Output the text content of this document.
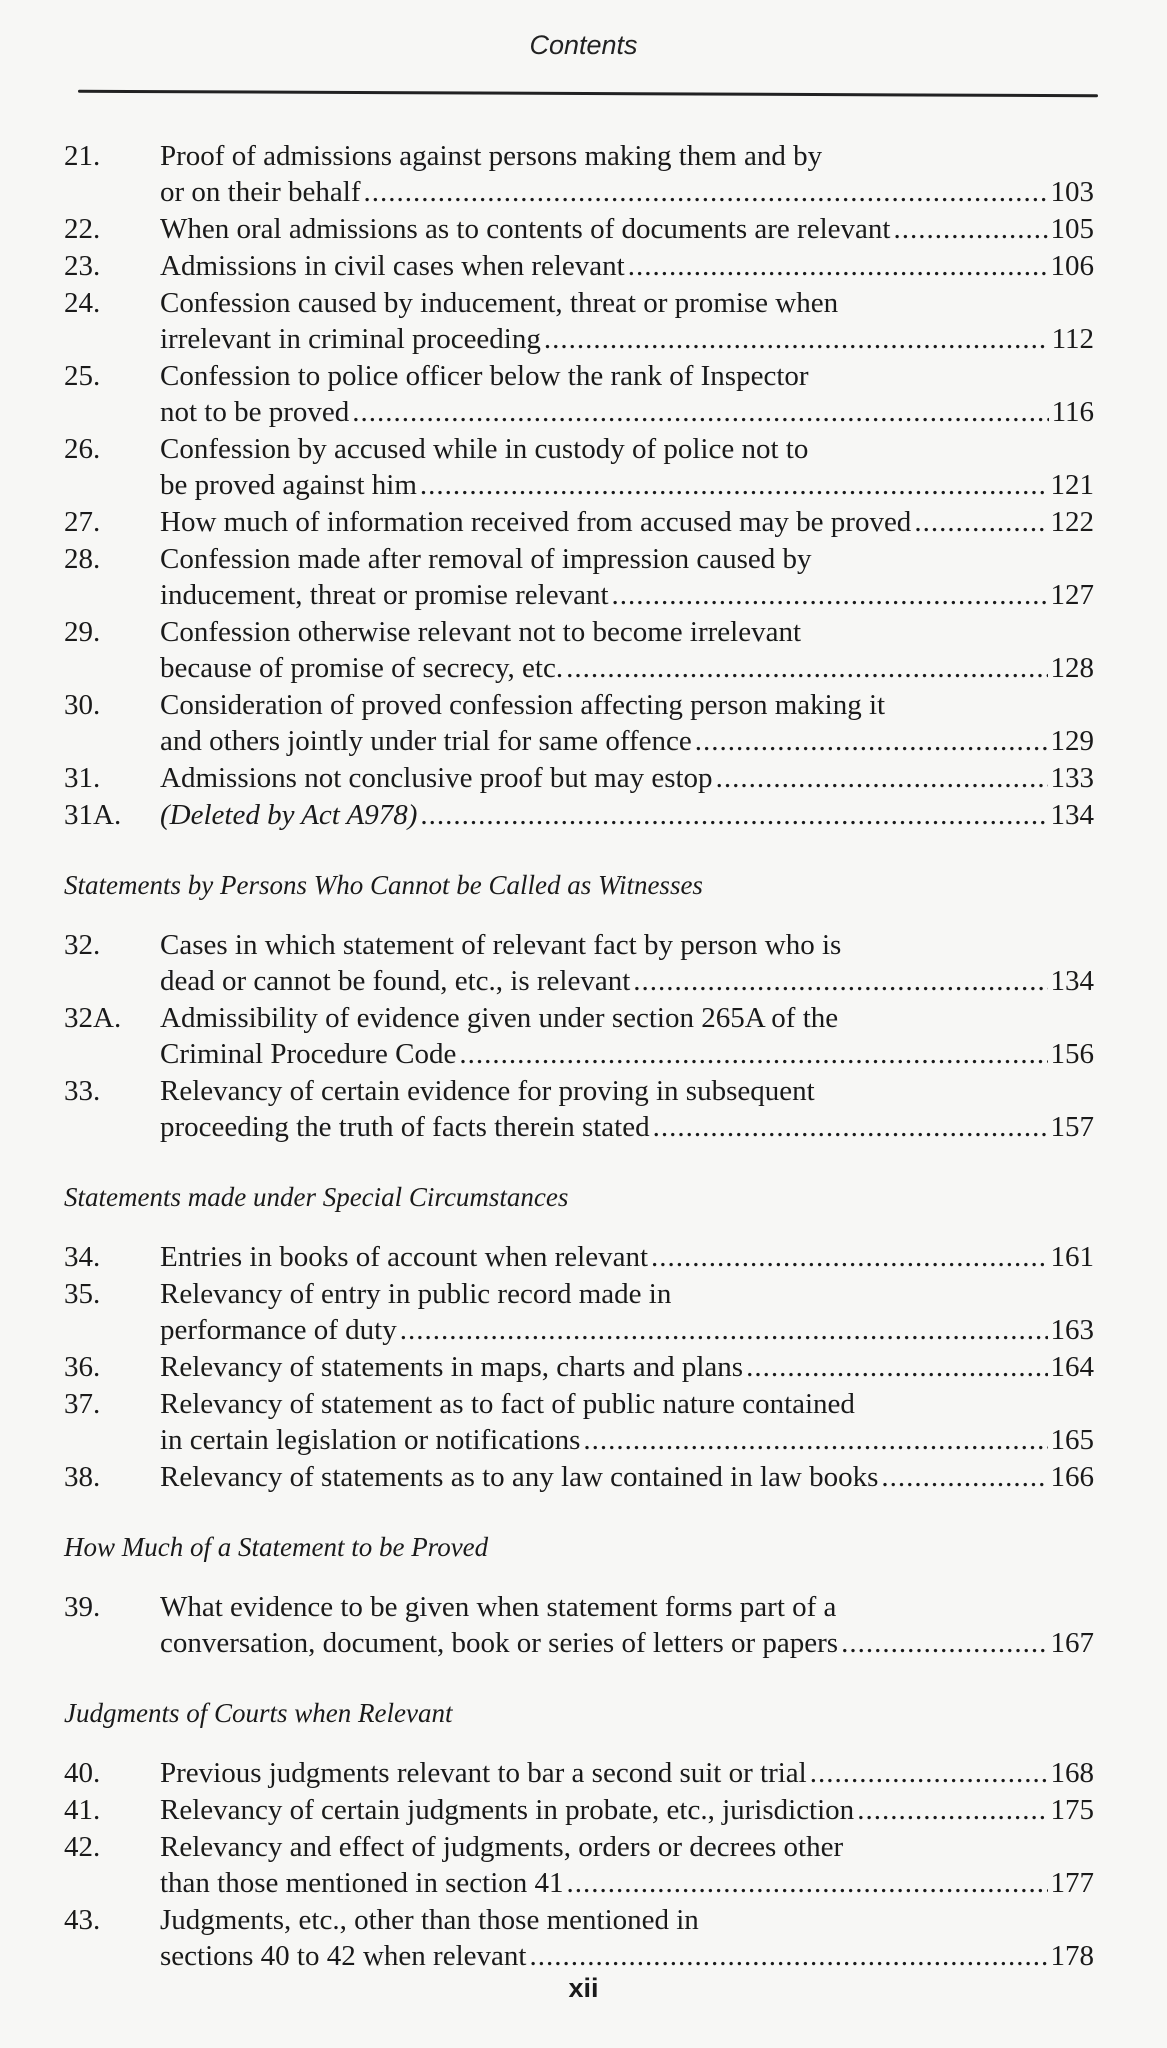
Contents
21.	Proof of admissions against persons making them and by
or on their behalf .....	103
22.	When oral admissions as to contents of documents are relevant .....	105
23.	Admissions in civil cases when relevant .....	106
24.	Confession caused by inducement, threat or promise when
irrelevant in criminal proceeding .....	112
25.	Confession to police officer below the rank of Inspector
not to be proved .....	116
26.	Confession by accused while in custody of police not to
be proved against him .....	121
27.	How much of information received from accused may be proved .....	122
28.	Confession made after removal of impression caused by
inducement, threat or promise relevant .....	127
29.	Confession otherwise relevant not to become irrelevant
because of promise of secrecy, etc. .....	128
30.	Consideration of proved confession affecting person making it
and others jointly under trial for same offence .....	129
31.	Admissions not conclusive proof but may estop .....	133
31A.	(Deleted by Act A978) .....	134
Statements by Persons Who Cannot be Called as Witnesses
32.	Cases in which statement of relevant fact by person who is
dead or cannot be found, etc., is relevant .....	134
32A.	Admissibility of evidence given under section 265A of the
Criminal Procedure Code .....	156
33.	Relevancy of certain evidence for proving in subsequent
proceeding the truth of facts therein stated .....	157
Statements made under Special Circumstances
34.	Entries in books of account when relevant .....	161
35.	Relevancy of entry in public record made in
performance of duty .....	163
36.	Relevancy of statements in maps, charts and plans .....	164
37.	Relevancy of statement as to fact of public nature contained
in certain legislation or notifications .....	165
38.	Relevancy of statements as to any law contained in law books .....	166
How Much of a Statement to be Proved
39.	What evidence to be given when statement forms part of a
conversation, document, book or series of letters or papers .....	167
Judgments of Courts when Relevant
40.	Previous judgments relevant to bar a second suit or trial .....	168
41.	Relevancy of certain judgments in probate, etc., jurisdiction .....	175
42.	Relevancy and effect of judgments, orders or decrees other
than those mentioned in section 41 .....	177
43.	Judgments, etc., other than those mentioned in
sections 40 to 42 when relevant .....	178
xii
